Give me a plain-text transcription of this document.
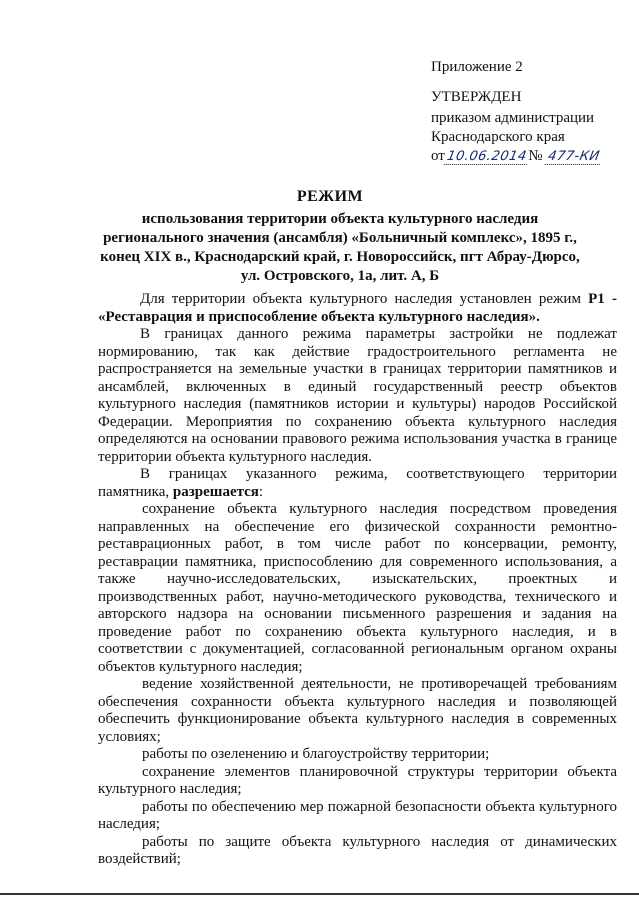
Приложение 2
УТВЕРЖДЕН
приказом администрации
Краснодарского края
от10.06.2014№ 477-КИ
РЕЖИМ
использования территории объекта культурного наследия
регионального значения (ансамбля) «Больничный комплекс», 1895 г.,
конец XIX в., Краснодарский край, г. Новороссийск, пгт Абрау-Дюрсо,
ул. Островского, 1а, лит. А, Б

Для территории объекта культурного наследия установлен режим Р1 - «Реставрация и приспособление объекта культурного наследия».

В границах данного режима параметры застройки не подлежат нормированию, так как действие градостроительного регламента не распространяется на земельные участки в границах территории памятников и ансамблей, включенных в единый государственный реестр объектов культурного наследия (памятников истории и культуры) народов Российской Федерации. Мероприятия по сохранению объекта культурного наследия определяются на основании правового режима использования участка в границе территории объекта культурного наследия.

В границах указанного режима, соответствующего территории памятника, разрешается:

сохранение объекта культурного наследия посредством проведения направленных на обеспечение его физической сохранности ремонтно-реставрационных работ, в том числе работ по консервации, ремонту, реставрации памятника, приспособлению для современного использования, а также научно-исследовательских, изыскательских, проектных и производственных работ, научно-методического руководства, технического и авторского надзора на основании письменного разрешения и задания на проведение работ по сохранению объекта культурного наследия, и в соответствии с документацией, согласованной региональным органом охраны объектов культурного наследия;

ведение хозяйственной деятельности, не противоречащей требованиям обеспечения сохранности объекта культурного наследия и позволяющей обеспечить функционирование объекта культурного наследия в современных условиях;

работы по озеленению и благоустройству территории;

сохранение элементов планировочной структуры территории объекта культурного наследия;

работы по обеспечению мер пожарной безопасности объекта культурного наследия;

работы по защите объекта культурного наследия от динамических воздействий;
